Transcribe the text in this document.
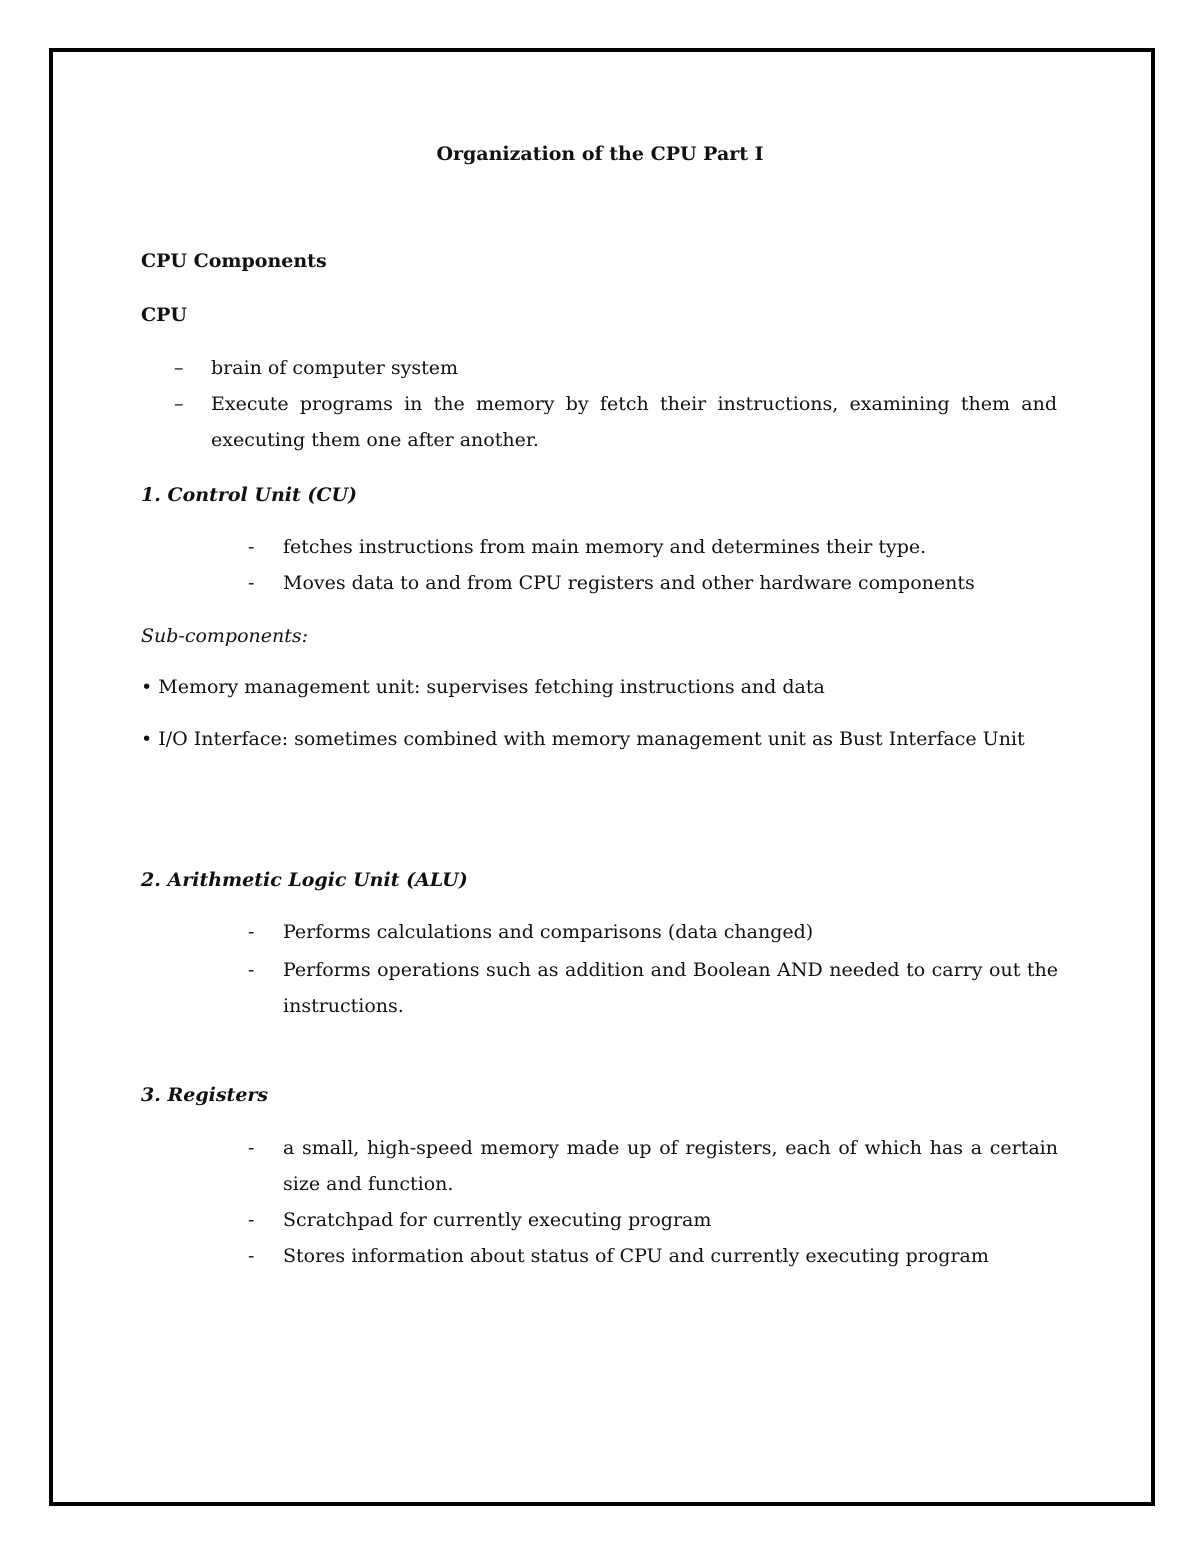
Organization of the CPU Part I
CPU Components
CPU
– brain of computer system
– Execute programs in the memory by fetch their instructions, examining them and executing them one after another.
1. Control Unit (CU)
- fetches instructions from main memory and determines their type.
- Moves data to and from CPU registers and other hardware components
Sub-components:
• Memory management unit: supervises fetching instructions and data
• I/O Interface: sometimes combined with memory management unit as Bust Interface Unit
2. Arithmetic Logic Unit (ALU)
- Performs calculations and comparisons (data changed)
- Performs operations such as addition and Boolean AND needed to carry out the instructions.
3. Registers
- a small, high-speed memory made up of registers, each of which has a certain size and function.
- Scratchpad for currently executing program
- Stores information about status of CPU and currently executing program
